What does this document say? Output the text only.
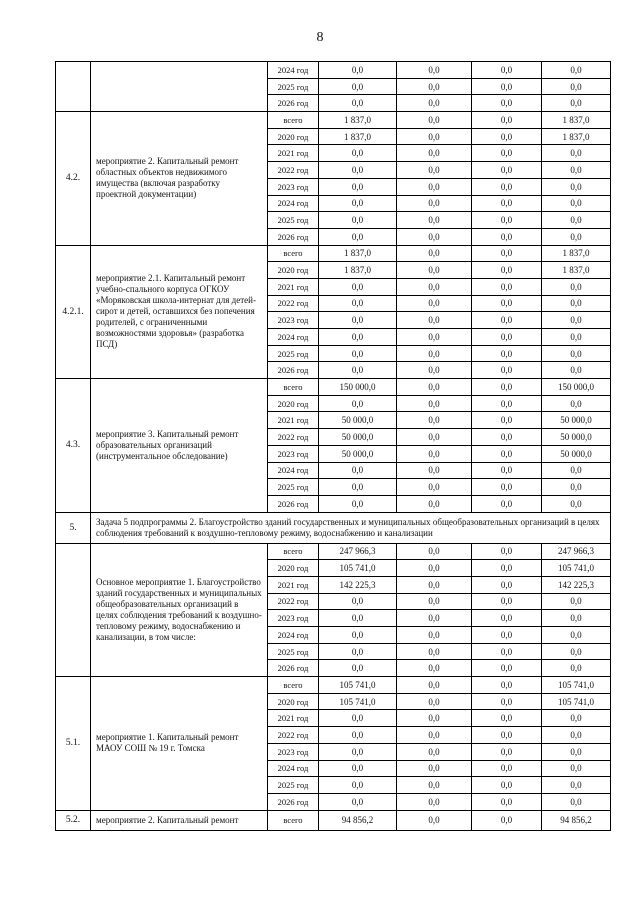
8
		2024 год	0,0	0,0	0,0	0,0
		2025 год	0,0	0,0	0,0	0,0
		2026 год	0,0	0,0	0,0	0,0
4.2.	мероприятие 2. Капитальный ремонт областных объектов недвижимого имущества (включая разработку проектной документации)	всего	1 837,0	0,0	0,0	1 837,0
		2020 год	1 837,0	0,0	0,0	1 837,0
		2021 год	0,0	0,0	0,0	0,0
		2022 год	0,0	0,0	0,0	0,0
		2023 год	0,0	0,0	0,0	0,0
		2024 год	0,0	0,0	0,0	0,0
		2025 год	0,0	0,0	0,0	0,0
		2026 год	0,0	0,0	0,0	0,0
4.2.1.	мероприятие 2.1. Капитальный ремонт учебно-спального корпуса ОГКОУ «Моряковская школа-интернат для детей-сирот и детей, оставшихся без попечения родителей, с ограниченными возможностями здоровья» (разработка ПСД)	всего	1 837,0	0,0	0,0	1 837,0
		2020 год	1 837,0	0,0	0,0	1 837,0
		2021 год	0,0	0,0	0,0	0,0
		2022 год	0,0	0,0	0,0	0,0
		2023 год	0,0	0,0	0,0	0,0
		2024 год	0,0	0,0	0,0	0,0
		2025 год	0,0	0,0	0,0	0,0
		2026 год	0,0	0,0	0,0	0,0
4.3.	мероприятие 3. Капитальный ремонт образовательных организаций (инструментальное обследование)	всего	150 000,0	0,0	0,0	150 000,0
		2020 год	0,0	0,0	0,0	0,0
		2021 год	50 000,0	0,0	0,0	50 000,0
		2022 год	50 000,0	0,0	0,0	50 000,0
		2023 год	50 000,0	0,0	0,0	50 000,0
		2024 год	0,0	0,0	0,0	0,0
		2025 год	0,0	0,0	0,0	0,0
		2026 год	0,0	0,0	0,0	0,0
5.	Задача 5 подпрограммы 2. Благоустройство зданий государственных и муниципальных общеобразовательных организаций в целях соблюдения требований к воздушно-тепловому режиму, водоснабжению и канализации					
	Основное мероприятие 1. Благоустройство зданий государственных и муниципальных общеобразовательных организаций в целях соблюдения требований к воздушно-тепловому режиму, водоснабжению и канализации, в том числе:	всего	247 966,3	0,0	0,0	247 966,3
		2020 год	105 741,0	0,0	0,0	105 741,0
		2021 год	142 225,3	0,0	0,0	142 225,3
		2022 год	0,0	0,0	0,0	0,0
		2023 год	0,0	0,0	0,0	0,0
		2024 год	0,0	0,0	0,0	0,0
		2025 год	0,0	0,0	0,0	0,0
		2026 год	0,0	0,0	0,0	0,0
5.1.	мероприятие 1. Капитальный ремонт МАОУ СОШ № 19 г. Томска	всего	105 741,0	0,0	0,0	105 741,0
		2020 год	105 741,0	0,0	0,0	105 741,0
		2021 год	0,0	0,0	0,0	0,0
		2022 год	0,0	0,0	0,0	0,0
		2023 год	0,0	0,0	0,0	0,0
		2024 год	0,0	0,0	0,0	0,0
		2025 год	0,0	0,0	0,0	0,0
		2026 год	0,0	0,0	0,0	0,0
5.2.	мероприятие 2. Капитальный ремонт	всего	94 856,2	0,0	0,0	94 856,2
